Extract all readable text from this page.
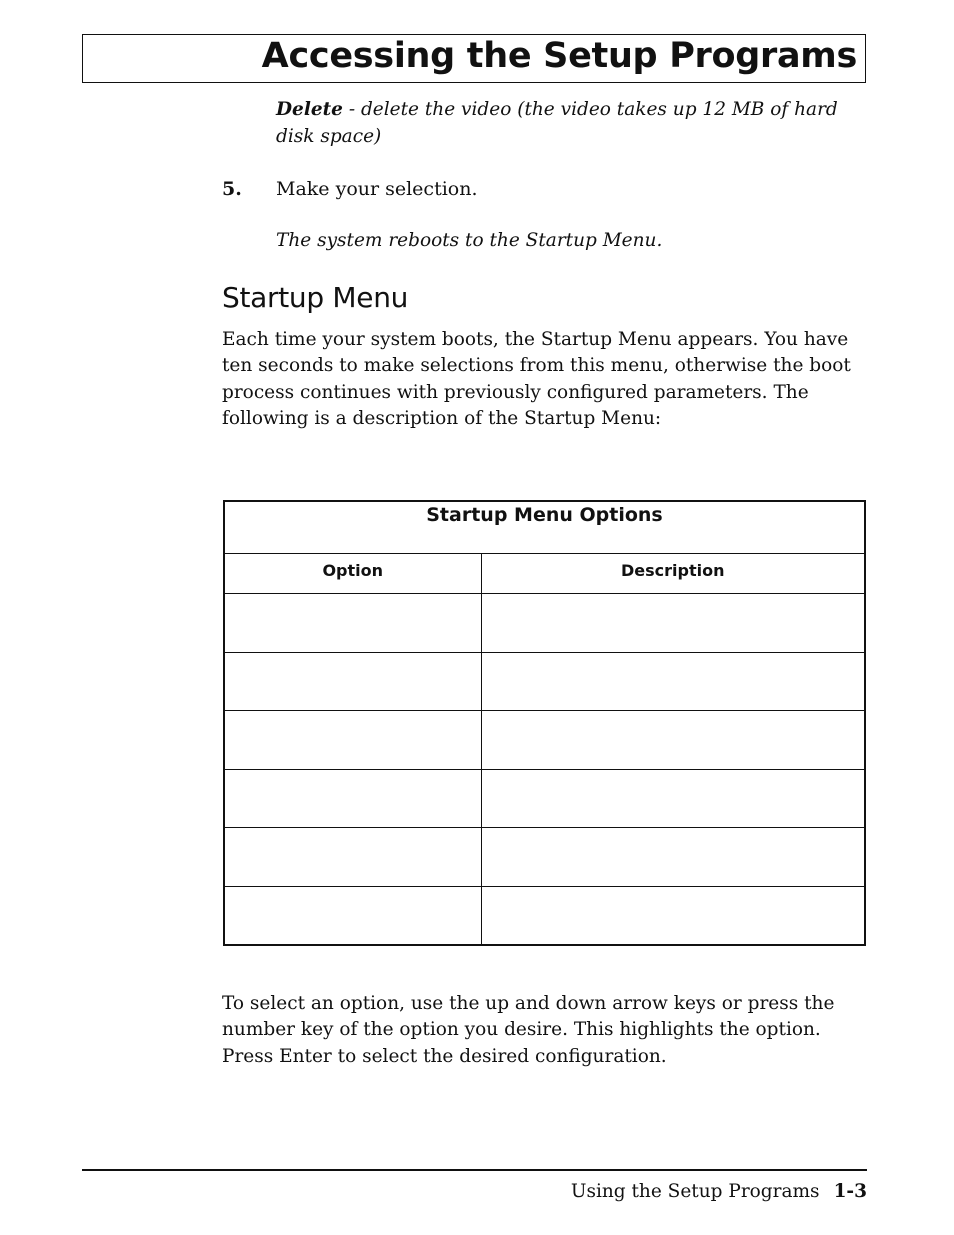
Accessing the Setup Programs
Delete - delete the video (the video takes up 12 MB of hard disk space)
5. Make your selection.
The system reboots to the Startup Menu.
Startup Menu
Each time your system boots, the Startup Menu appears. You have ten seconds to make selections from this menu, otherwise the boot process continues with previously configured parameters. The following is a description of the Startup Menu:
Startup Menu Options	
Option	Description

To select an option, use the up and down arrow keys or press the number key of the option you desire. This highlights the option. Press Enter to select the desired configuration.
Using the Setup Programs 1-3
